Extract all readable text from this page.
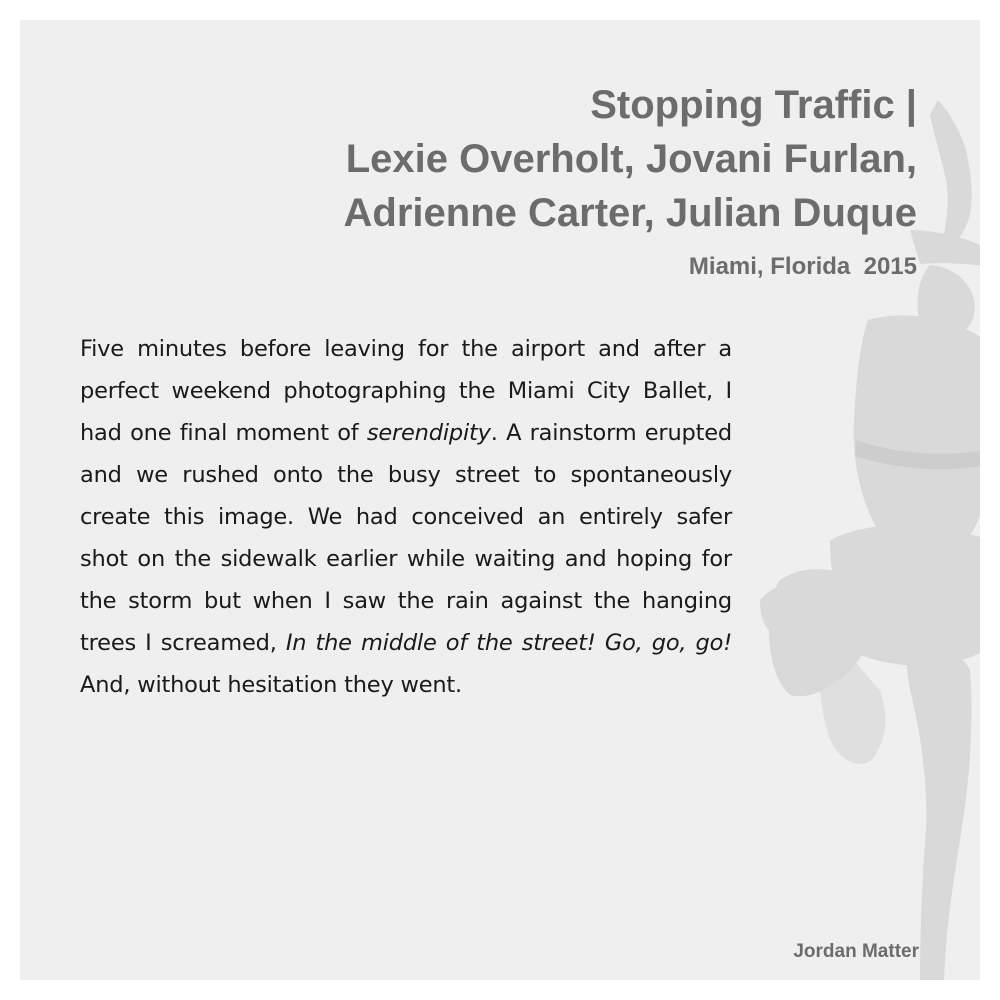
Stopping Traffic |
Lexie Overholt, Jovani Furlan,
Adrienne Carter, Julian Duque

Miami, Florida  2015

Five minutes before leaving for the airport and after a perfect weekend photographing the Miami City Ballet, I had one final moment of serendipity. A rainstorm erupted and we rushed onto the busy street to spontaneously create this image. We had conceived an entirely safer shot on the sidewalk earlier while waiting and hoping for the storm but when I saw the rain against the hanging trees I screamed, In the middle of the street! Go, go, go! And, without hesitation they went.

Jordan Matter
